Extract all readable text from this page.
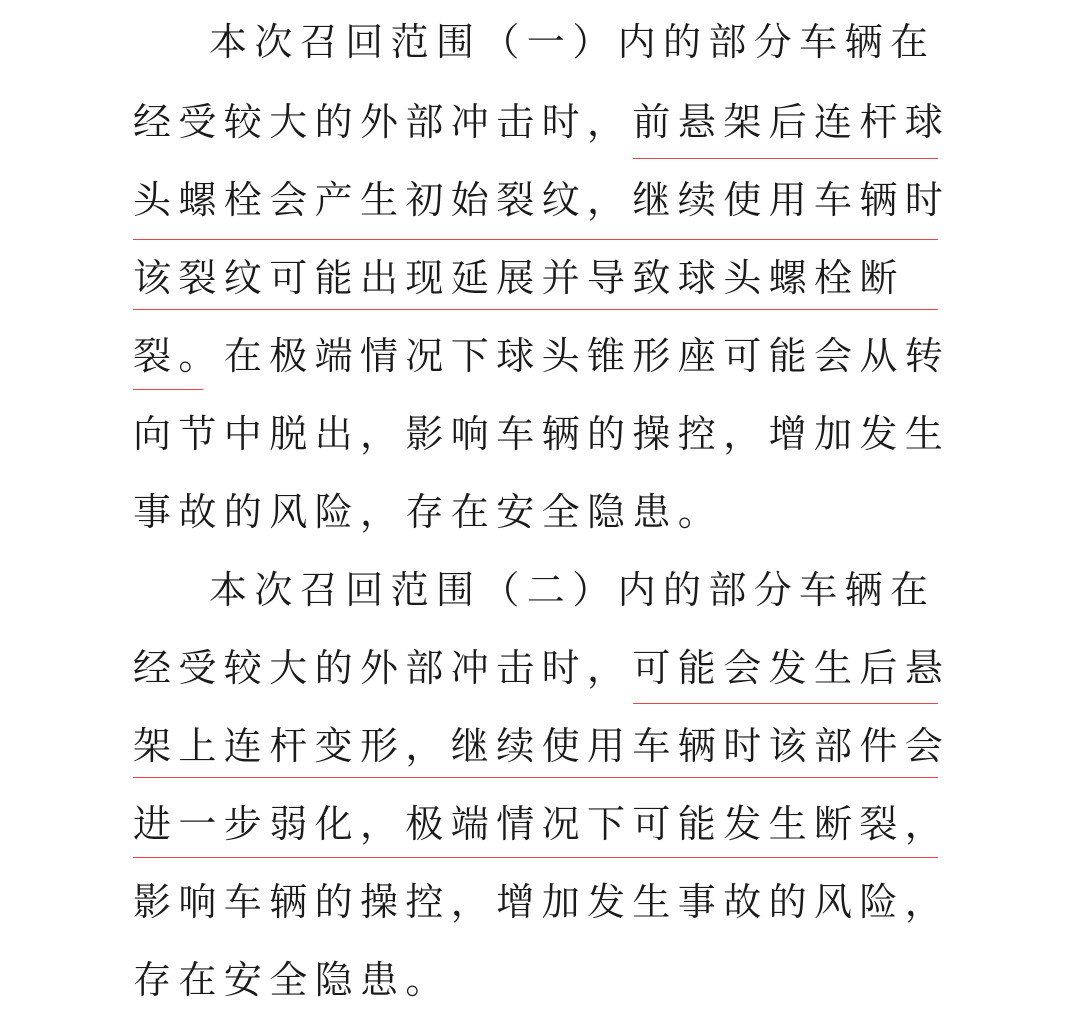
本次召回范围（一）内的部分车辆在
经受较大的外部冲击时，前悬架后连杆球
头螺栓会产生初始裂纹，继续使用车辆时
该裂纹可能出现延展并导致球头螺栓断
裂。在极端情况下球头锥形座可能会从转
向节中脱出，影响车辆的操控，增加发生
事故的风险，存在安全隐患。
本次召回范围（二）内的部分车辆在
经受较大的外部冲击时，可能会发生后悬
架上连杆变形，继续使用车辆时该部件会
进一步弱化，极端情况下可能发生断裂，
影响车辆的操控，增加发生事故的风险，
存在安全隐患。
